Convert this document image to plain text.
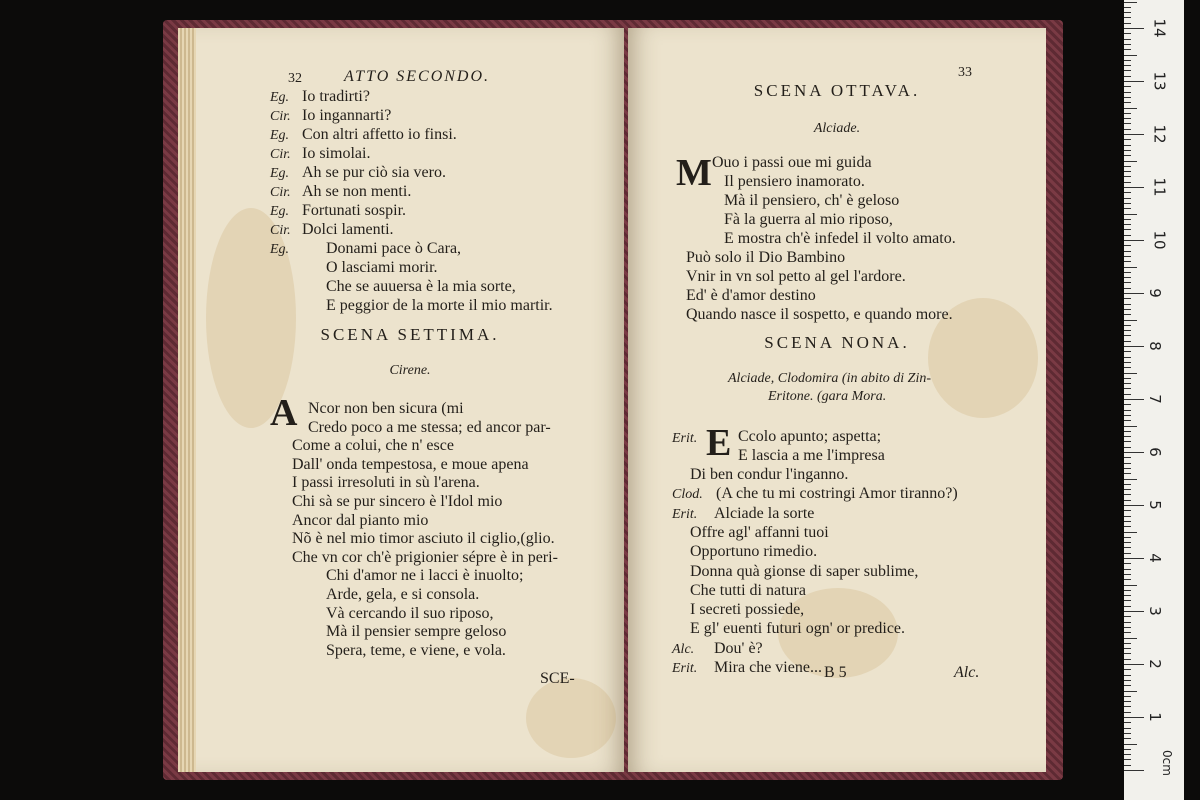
32	ATTO SECONDO.
Eg. Io tradirti?
Cir. Io ingannarti?
Eg. Con altri affetto io finsi.
Cir. Io simolai.
Eg. Ah se pur ciò sia vero.
Cir. Ah se non menti.
Eg. Fortunati sospir.
Cir. Dolci lamenti.
Eg. Donami pace ò Cara,
O lasciami morir.
Che se auuersa è la mia sorte,
E peggior de la morte il mio martir.
SCENA SETTIMA.
Cirene.
A Ncor non ben sicura (mi
Credo poco a me stessa; ed ancor par-
Come a colui, che n' esce
Dall' onda tempestosa, e moue apena
I passi irresoluti in sù l'arena.
Chi sà se pur sincero è l'Idol mio
Ancor dal pianto mio
Nõ è nel mio timor asciuto il ciglio,(glio.
Che vn cor ch'è prigionier sépre è in peri-
Chi d'amor ne i lacci è inuolto;
Arde, gela, e si consola.
Và cercando il suo riposo,
Mà il pensier sempre geloso
Spera, teme, e viene, e vola.
SCE-
33
SCENA OTTAVA.
Alciade.
M Ouo i passi oue mi guida
Il pensiero inamorato.
Mà il pensiero, ch' è geloso
Fà la guerra al mio riposo,
E mostra ch'è infedel il volto amato.
Può solo il Dio Bambino
Vnir in vn sol petto al gel l'ardore.
Ed' è d'amor destino
Quando nasce il sospetto, e quando more.
SCENA NONA.
Alciade, Clodomira (in abito di Zin-
Eritone. (gara Mora.
Erit. E Ccolo apunto; aspetta;
E lascia a me l'impresa
Di ben condur l'inganno.
Clod. (A che tu mi costringi Amor tiranno?)
Erit. Alciade la sorte
Offre agl' affanni tuoi
Opportuno rimedio.
Donna quà gionse di saper sublime,
Che tutti di natura
I secreti possiede,
E gl' euenti futuri ogn' or predice.
Alc. Dou' è?
Erit. Mira che viene... B 5	Alc.
0cm
1
2
3
4
5
6
7
8
9
10
11
12
13
14
